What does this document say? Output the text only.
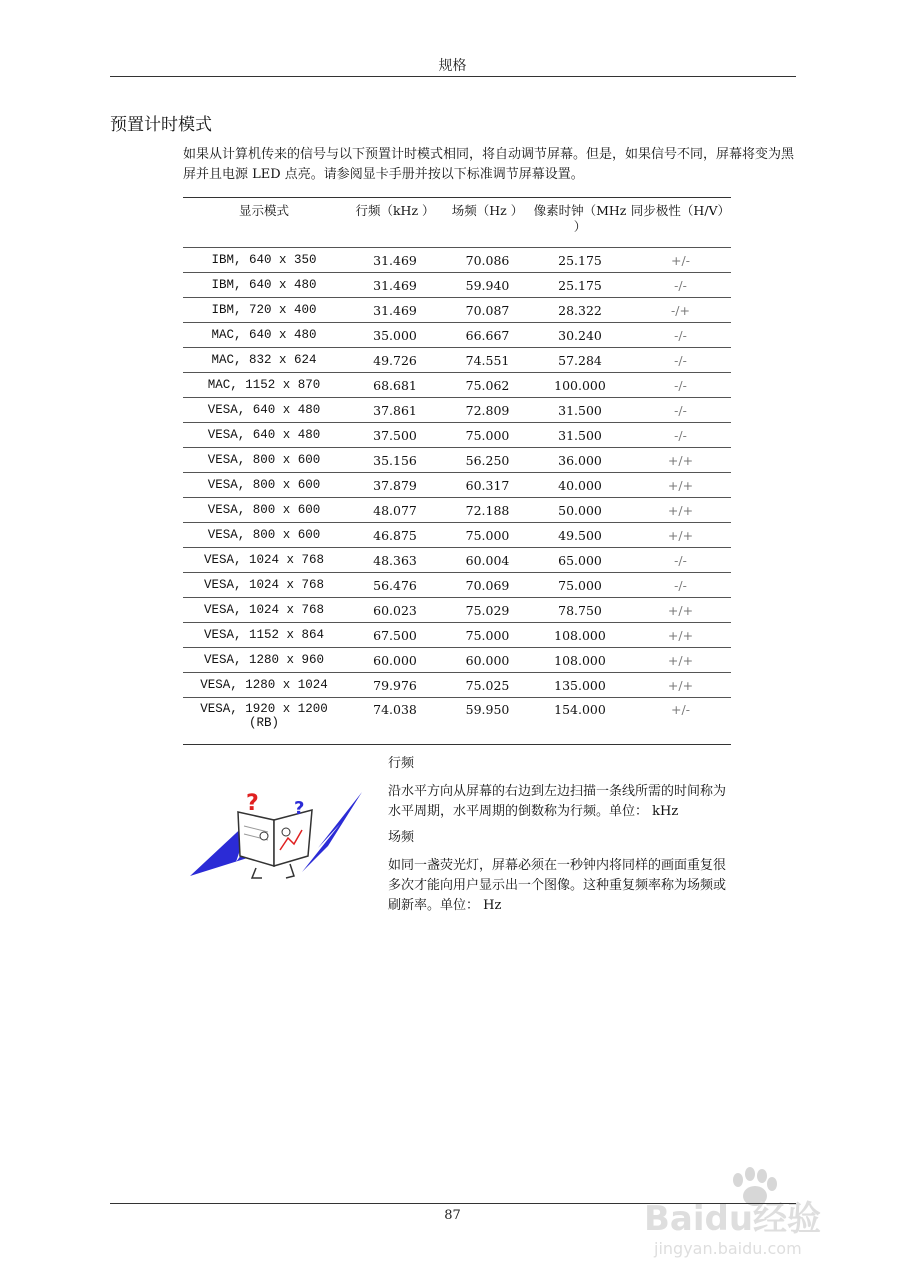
规格
预置计时模式

如果从计算机传来的信号与以下预置计时模式相同，将自动调节屏幕。但是，如果信号不同，屏幕将变为黑屏并且电源 LED 点亮。请参阅显卡手册并按以下标准调节屏幕设置。

显示模式	行频（kHz ）	场频（Hz ）	像素时钟（MHz ）	同步极性（H/V）
IBM, 640 x 350	31.469	70.086	25.175	+/-
IBM, 640 x 480	31.469	59.940	25.175	-/-
IBM, 720 x 400	31.469	70.087	28.322	-/+
MAC, 640 x 480	35.000	66.667	30.240	-/-
MAC, 832 x 624	49.726	74.551	57.284	-/-
MAC, 1152 x 870	68.681	75.062	100.000	-/-
VESA, 640 x 480	37.861	72.809	31.500	-/-
VESA, 640 x 480	37.500	75.000	31.500	-/-
VESA, 800 x 600	35.156	56.250	36.000	+/+
VESA, 800 x 600	37.879	60.317	40.000	+/+
VESA, 800 x 600	48.077	72.188	50.000	+/+
VESA, 800 x 600	46.875	75.000	49.500	+/+
VESA, 1024 x 768	48.363	60.004	65.000	-/-
VESA, 1024 x 768	56.476	70.069	75.000	-/-
VESA, 1024 x 768	60.023	75.029	78.750	+/+
VESA, 1152 x 864	67.500	75.000	108.000	+/+
VESA, 1280 x 960	60.000	60.000	108.000	+/+
VESA, 1280 x 1024	79.976	75.025	135.000	+/+
VESA, 1920 x 1200 (RB)	74.038	59.950	154.000	+/-
? ?

行频

沿水平方向从屏幕的右边到左边扫描一条线所需的时间称为水平周期，水平周期的倒数称为行频。单位： kHz

场频

如同一盏荧光灯，屏幕必须在一秒钟内将同样的画面重复很多次才能向用户显示出一个图像。这种重复频率称为场频或刷新率。单位： Hz

Baidu经验
jingyan.baidu.com
87
